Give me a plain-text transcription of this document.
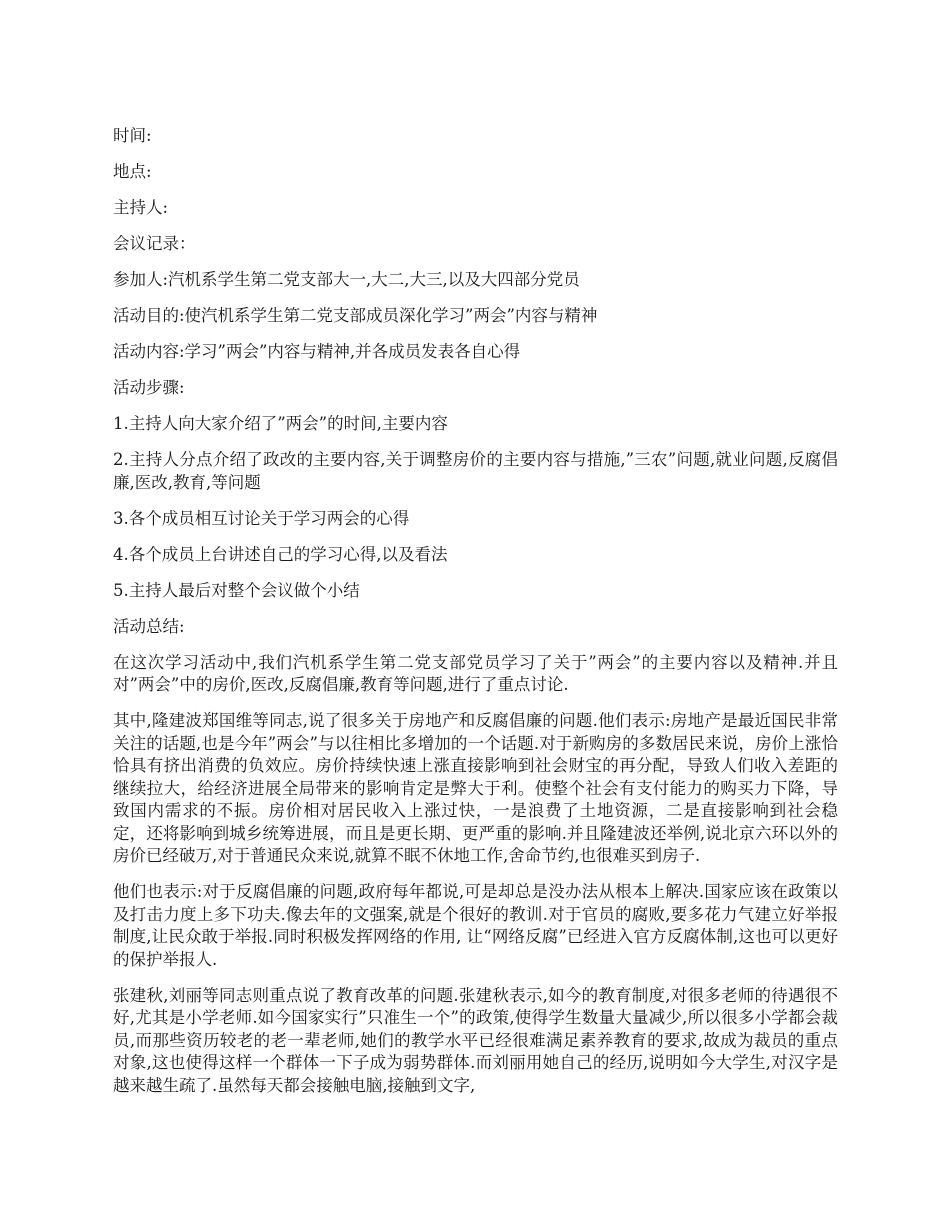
时间:
地点:
主持人:
会议记录：
参加人:汽机系学生第二党支部大一,大二,大三,以及大四部分党员
活动目的:使汽机系学生第二党支部成员深化学习”两会”内容与精神
活动内容:学习”两会”内容与精神,并各成员发表各自心得
活动步骤:
1.主持人向大家介绍了”两会”的时间,主要内容
2.主持人分点介绍了政改的主要内容,关于调整房价的主要内容与措施,”三农”问题,就业问题,反腐倡廉,医改,教育,等问题
3.各个成员相互讨论关于学习两会的心得
4.各个成员上台讲述自己的学习心得,以及看法
5.主持人最后对整个会议做个小结
活动总结:
在这次学习活动中,我们汽机系学生第二党支部党员学习了关于”两会”的主要内容以及精神.并且对”两会”中的房价,医改,反腐倡廉,教育等问题,进行了重点讨论.
其中,隆建波郑国维等同志,说了很多关于房地产和反腐倡廉的问题.他们表示:房地产是最近国民非常关注的话题,也是今年”两会”与以往相比多增加的一个话题.对于新购房的多数居民来说，房价上涨恰恰具有挤出消费的负效应。房价持续快速上涨直接影响到社会财宝的再分配，导致人们收入差距的继续拉大，给经济进展全局带来的影响肯定是弊大于利。使整个社会有支付能力的购买力下降，导致国内需求的不振。房价相对居民收入上涨过快，一是浪费了土地资源，二是直接影响到社会稳定，还将影响到城乡统筹进展，而且是更长期、更严重的影响.并且隆建波还举例,说北京六环以外的房价已经破万,对于普通民众来说,就算不眠不休地工作,舍命节约,也很难买到房子.
他们也表示:对于反腐倡廉的问题,政府每年都说,可是却总是没办法从根本上解决.国家应该在政策以及打击力度上多下功夫.像去年的文强案,就是个很好的教训.对于官员的腐败,要多花力气建立好举报制度,让民众敢于举报.同时积极发挥网络的作用, 让“网络反腐”已经进入官方反腐体制,这也可以更好的保护举报人.
张建秋,刘丽等同志则重点说了教育改革的问题.张建秋表示,如今的教育制度,对很多老师的待遇很不好,尤其是小学老师.如今国家实行”只准生一个”的政策,使得学生数量大量减少,所以很多小学都会裁员,而那些资历较老的老一辈老师,她们的教学水平已经很难满足素养教育的要求,故成为裁员的重点对象,这也使得这样一个群体一下子成为弱势群体.而刘丽用她自己的经历,说明如今大学生,对汉字是越来越生疏了.虽然每天都会接触电脑,接触到文字,
